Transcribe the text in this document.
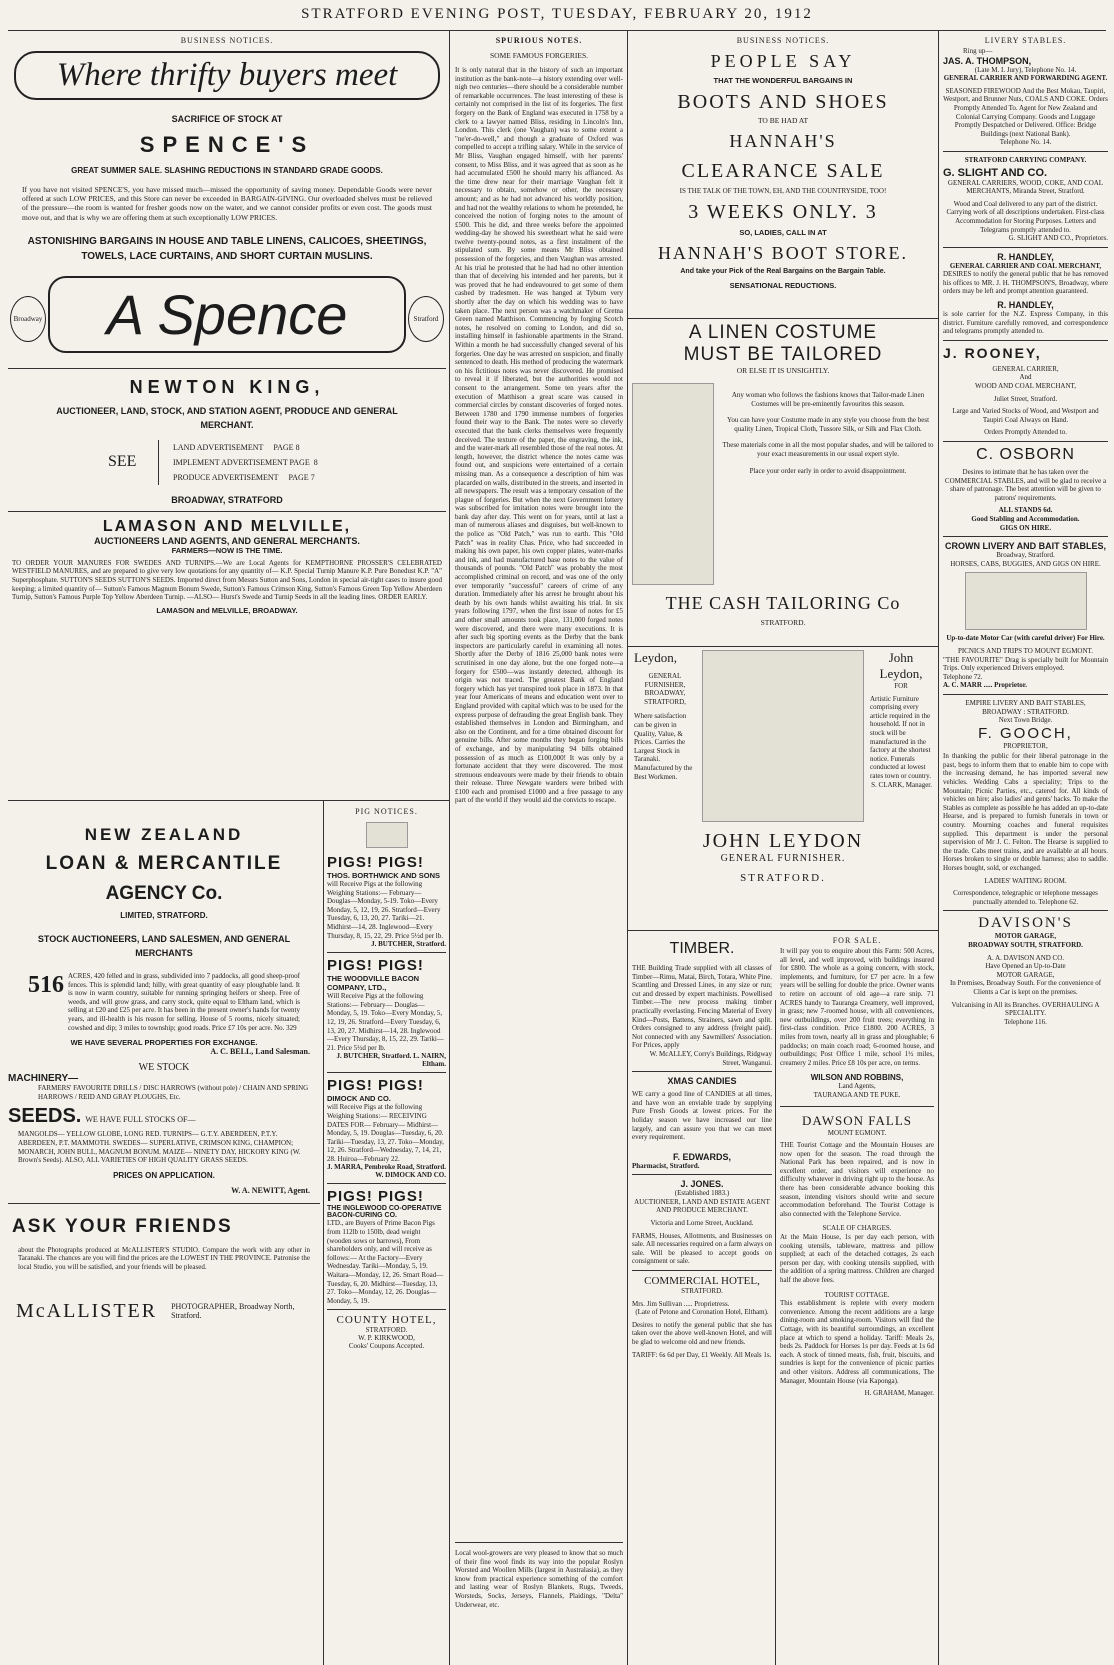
STRATFORD EVENING POST, TUESDAY, FEBRUARY 20, 1912
BUSINESS NOTICES.
Where thrifty buyers meet
SACRIFICE OF STOCK AT
SPENCE'S
GREAT SUMMER SALE. SLASHING REDUCTIONS IN STANDARD GRADE GOODS.
If you have not visited SPENCE'S, you have missed much—missed the opportunity of saving money. Dependable Goods were never offered at such LOW PRICES, and this Store can never be exceeded in BARGAIN-GIVING. Our overloaded shelves must be relieved of the pressure—the room is wanted for fresher goods now on the water, and we cannot consider profits or even cost. The goods must move out, and that is why we are offering them at such exceptionally LOW PRICES.
ASTONISHING BARGAINS IN HOUSE AND TABLE LINENS, CALICOES, SHEETINGS, TOWELS, LACE CURTAINS, AND SHORT CURTAIN MUSLINS.
A Spence
Broadway	Stratford
NEWTON KING,
AUCTIONEER, LAND, STOCK, AND STATION AGENT, PRODUCE AND GENERAL MERCHANT.
SEE
LAND ADVERTISEMENT PAGE 8
IMPLEMENT ADVERTISEMENT PAGE 8
PRODUCE ADVERTISEMENT PAGE 7
BROADWAY, STRATFORD
LAMASON AND MELVILLE,
AUCTIONEERS LAND AGENTS, AND GENERAL MERCHANTS.
FARMERS—NOW IS THE TIME.
TO ORDER YOUR MANURES FOR SWEDES AND TURNIPS.—We are Local Agents for KEMPTHORNE PROSSER'S CELEBRATED WESTFIELD MANURES, and are prepared to give very low quotations for any quantity of— K.P. Special Turnip Manure K.P. Pure Bonedust K.P. "A" Superphosphate. SUTTON'S SEEDS SUTTON'S SEEDS. Imported direct from Messrs Sutton and Sons, London in special air-tight cases to insure good keeping; a limited quantity of— Sutton's Famous Magnum Bonum Swede, Sutton's Famous Crimson King, Sutton's Famous Green Top Yellow Aberdeen Turnip, Sutton's Famous Purple Top Yellow Aberdeen Turnip. —ALSO— Hurst's Swede and Turnip Seeds in all the leading lines. ORDER EARLY.
LAMASON and MELVILLE, BROADWAY.
NEW ZEALAND
LOAN & MERCANTILE
AGENCY Co.
LIMITED, STRATFORD.
STOCK AUCTIONEERS, LAND SALESMEN, AND GENERAL MERCHANTS
516 ACRES, 420 felled and in grass, subdivided into 7 paddocks, all good sheep-proof fences. This is splendid land; hilly, with great quantity of easy ploughable land. It is now in warm country, suitable for running springing heifers or sheep. Free of weeds, and will grow grass, and carry stock, quite equal to Eltham land, which is selling at £20 and £25 per acre. It has been in the present owner's hands for twenty years, and ill-health is his reason for selling. House of 5 rooms, nicely situated; cowshed and dip; 3 miles to township; good roads. Price £7 10s per acre. No. 329
WE HAVE SEVERAL PROPERTIES FOR EXCHANGE.
A. C. BELL, Land Salesman.
WE STOCK
MACHINERY—
FARMERS' FAVOURITE DRILLS / DISC HARROWS (without pole) / CHAIN AND SPRING HARROWS / REID AND GRAY PLOUGHS, Etc.
SEEDS. WE HAVE FULL STOCKS OF—
MANGOLDS— YELLOW GLOBE, LONG RED. TURNIPS— G.T.Y. ABERDEEN, P.T.Y. ABERDEEN, P.T. MAMMOTH. SWEDES— SUPERLATIVE, CRIMSON KING, CHAMPION; MONARCH, JOHN BULL, MAGNUM BONUM. MAIZE— NINETY DAY, HICKORY KING (W. Brown's Seeds). ALSO, ALL VARIETIES OF HIGH QUALITY GRASS SEEDS.
PRICES ON APPLICATION.
W. A. NEWITT, Agent.
ASK YOUR FRIENDS
about the Photographs produced at McALLISTER'S STUDIO. Compare the work with any other in Taranaki. The chances are you will find the prices are the LOWEST IN THE PROVINCE. Patronise the local Studio, you will be satisfied, and your friends will be pleased.
McALLISTER PHOTOGRAPHER, Broadway North, Stratford.
PIG NOTICES.
PIGS! PIGS!
THOS. BORTHWICK AND SONS
will Receive Pigs at the following Weighing Stations:— February— Douglas—Monday, 5-19. Toko—Every Monday, 5, 12, 19, 26. Stratford—Every Tuesday, 6, 13, 20, 27. Tariki—21. Midhirst—14, 28. Inglewood—Every Thursday, 8, 15, 22, 29. Price 5½d per lb.
J. BUTCHER, Stratford.
PIGS! PIGS!
THE WOODVILLE BACON COMPANY, LTD.,
Will Receive Pigs at the following Stations:— February— Douglas—Monday, 5, 19. Toko—Every Monday, 5, 12, 19, 26. Stratford—Every Tuesday, 6, 13, 20, 27. Midhirst—14, 28. Inglewood—Every Thursday, 8, 15, 22, 29. Tariki—21. Price 5½d per lb.
J. BUTCHER, Stratford. L. NAIRN, Eltham.
PIGS! PIGS!
DIMOCK AND CO.
will Receive Pigs at the following Weighing Stations:— RECEIVING DATES FOR— February— Midhirst—Monday, 5, 19. Douglas—Tuesday, 6, 20. Tariki—Tuesday, 13, 27. Toko—Monday, 12, 26. Stratford—Wednesday, 7, 14, 21, 28. Huiroa—February 22.
J. MARRA, Pembroke Road, Stratford. W. DIMOCK AND CO.
PIGS! PIGS!
THE INGLEWOOD CO-OPERATIVE BACON-CURING CO.
LTD., are Buyers of Prime Bacon Pigs from 112lb to 150lb, dead weight (wooden sows or barrows), From shareholders only, and will receive as follows:— At the Factory—Every Wednesday. Tariki—Monday, 5, 19. Waitara—Monday, 12, 26. Smart Road—Tuesday, 6, 20. Midhirst—Tuesday, 13, 27. Toko—Monday, 12, 26. Douglas—Monday, 5, 19.
COUNTY HOTEL,
STRATFORD.
W. P. KIRKWOOD,
Cooks' Coupons Accepted.
SPURIOUS NOTES.
SOME FAMOUS FORGERIES.
It is only natural that in the history of such an important institution as the bank-note—a history extending over well-nigh two centuries—there should be a considerable number of remarkable occurrences. The least interesting of these is certainly not comprised in the list of its forgeries. The first forgery on the Bank of England was executed in 1758 by a clerk to a lawyer named Bliss, residing in Lincoln's Inn, London. This clerk (one Vaughan) was to some extent a "ne'er-do-well," and though a graduate of Oxford was compelled to accept a trifling salary. While in the service of Mr Bliss, Vaughan engaged himself, with her parents' consent, to Miss Bliss, and it was agreed that as soon as he had accumulated £500 he should marry his affianced. As the time drew near for their marriage Vaughan felt it necessary to obtain, somehow or other, the necessary amount; and as he had not advanced his worldly position, and had not the wealthy relations to whom he pretended, he conceived the notion of forging notes to the amount of £500. This he did, and three weeks before the appointed wedding-day he showed his sweetheart what he said were twelve twenty-pound notes, as a first instalment of the stipulated sum. By some means Mr Bliss obtained possession of the forgeries, and then Vaughan was arrested. At his trial he protested that he had had no other intention than that of deceiving his intended and her parents, but it was proved that he had endeavoured to get some of them cashed by tradesmen. He was hanged at Tyburn very shortly after the day on which his wedding was to have taken place. The next person was a watchmaker of Gretna Green named Matthison. Commencing by forging Scotch notes, he resolved on coming to London, and did so, installing himself in fashionable apartments in the Strand. Within a month he had successfully changed several of his forgeries. One day he was arrested on suspicion, and finally sentenced to death. His method of producing the watermark on his fictitious notes was never discovered. He promised to reveal it if liberated, but the authorities would not consent to the arrangement. Some ten years after the execution of Matthison a great scare was caused in commercial circles by constant discoveries of forged notes. Between 1780 and 1790 immense numbers of forgeries found their way to the Bank. The notes were so cleverly executed that the bank clerks themselves were frequently deceived. The texture of the paper, the engraving, the ink, and the water-mark all resembled those of the real notes. At length, however, the district whence the notes came was found out, and suspicions were entertained of a certain missing man. As a consequence a description of him was placarded on walls, distributed in the streets, and inserted in all newspapers. The result was a temporary cessation of the plague of forgeries. But when the next Government lottery was subscribed for imitation notes were brought into the bank day after day. This went on for years, until at last a man of numerous aliases and disguises, but well-known to the police as "Old Patch," was run to earth. This "Old Patch" was in reality Chas. Price, who had succeeded in making his own paper, his own copper plates, water-marks and ink, and had manufactured base notes to the value of thousands of pounds. "Old Patch" was probably the most accomplished criminal on record, and was one of the only ever temporarily "successful" careers of crime of any duration. Immediately after his arrest he brought about his death by his own hands whilst awaiting his trial. In six years following 1797, when the first issue of notes for £5 and other small amounts took place, 131,000 forged notes were discovered, and there were many executions. It is after such big sporting events as the Derby that the bank inspectors are particularly careful in examining all notes. Shortly after the Derby of 1816 25,000 bank notes were scrutinised in one day alone, but the one forged note—a forgery for £500—was instantly detected, although its origin was not traced. The greatest Bank of England forgery which has yet transpired took place in 1873. In that year four Americans of means and education went over to England provided with capital which was to be used for the express purpose of defrauding the great English bank. They established themselves in London and Birmingham, and also on the Continent, and for a time obtained discount for genuine bills. After some months they began forging bills of exchange, and by manipulating 94 bills obtained possession of as much as £100,000! It was only by a fortunate accident that they were discovered. The most strenuous endeavours were made by their friends to obtain their release. Three Newgate warders were bribed with £100 each and promised £1000 and a free passage to any part of the world if they would aid the convicts to escape.
Local wool-growers are very pleased to know that so much of their fine wool finds its way into the popular Roslyn Worsted and Woollen Mills (largest in Australasia), as they know from practical experience something of the comfort and lasting wear of Roslyn Blankets, Rugs, Tweeds, Worsteds, Socks, Jerseys, Flannels, Plaidings, "Delta" Underwear, etc.
BUSINESS NOTICES.
PEOPLE SAY
THAT THE WONDERFUL BARGAINS IN
BOOTS AND SHOES
TO BE HAD AT
HANNAH'S
CLEARANCE SALE
IS THE TALK OF THE TOWN, EH, AND THE COUNTRYSIDE, TOO!
3 WEEKS ONLY. 3
SO, LADIES, CALL IN AT
HANNAH'S BOOT STORE.
And take your Pick of the Real Bargains on the Bargain Table.
SENSATIONAL REDUCTIONS.
A LINEN COSTUME
MUST BE TAILORED
OR ELSE IT IS UNSIGHTLY.
Any woman who follows the fashions knows that Tailor-made Linen Costumes will be pre-eminently favourites this season.
You can have your Costume made in any style you choose from the best quality Linen, Tropical Cloth, Tussore Silk, or Silk and Flax Cloth.
These materials come in all the most popular shades, and will be tailored to your exact measurements in our usual expert style.
Place your order early in order to avoid disappointment.
THE CASH TAILORING Co
STRATFORD.
Leydon,
GENERAL FURNISHER, BROADWAY, STRATFORD,
Where satisfaction can be given in Quality, Value, & Prices. Carries the Largest Stock in Taranaki. Manufactured by the Best Workmen.
John
Leydon,
FOR
Artistic Furniture comprising every article required in the household. If not in stock will be manufactured in the factory at the shortest notice. Funerals conducted at lowest rates town or country.
S. CLARK, Manager.
JOHN LEYDON
GENERAL FURNISHER.
STRATFORD.
TIMBER.
THE Building Trade supplied with all classes of Timber—Rimu, Matai, Birch, Totara, White Pine. Scantling and Dressed Lines, in any size or run; cut and dressed by expert machinists. Powellised Timber.—The new process making timber practically everlasting. Fencing Material of Every Kind—Posts, Battens, Strainers, sawn and split. Orders consigned to any address (freight paid). Not connected with any Sawmillers' Association. For Prices, apply
W. McALLEY, Corry's Buildings, Ridgway Street, Wanganui.
XMAS CANDIES
WE carry a good line of CANDIES at all times, and have won an enviable trade by supplying Pure Fresh Goods at lowest prices. For the holiday season we have increased our line largely, and can assure you that we can meet every requirement.
F. EDWARDS,
Pharmacist, Stratford.
J. JONES.
(Established 1883.)
AUCTIONEER, LAND AND ESTATE AGENT AND PRODUCE MERCHANT.
Victoria and Lorne Street, Auckland.
FARMS, Houses, Allotments, and Businesses on sale. All necessaries required on a farm always on sale. Will be pleased to accept goods on consignment or sale.
COMMERCIAL HOTEL,
STRATFORD.
Mrs. Jim Sullivan ..... Proprietress.
(Late of Petone and Coronation Hotel, Eltham).
Desires to notify the general public that she has taken over the above well-known Hotel, and will be glad to welcome old and new friends.
TARIFF: 6s 6d per Day, £1 Weekly. All Meals 1s.
FOR SALE.
It will pay you to enquire about this Farm: 500 Acres, all level, and well improved, with buildings insured for £800. The whole as a going concern, with stock, implements, and furniture, for £7 per acre. In a few years will be selling for double the price. Owner wants to retire on account of old age—a rare snip. 71 ACRES handy to Tauranga Creamery, well improved, in grass; new 7-roomed house, with all conveniences, new outbuildings, over 200 fruit trees; everything in first-class condition. Price £1800. 200 ACRES, 3 miles from town, nearly all in grass and ploughable; 6 paddocks; on main coach road; 6-roomed house, and outbuildings; Post Office 1 mile, school 1½ miles, creamery 2 miles. Price £8 10s per acre, on terms.
WILSON AND ROBBINS,
Land Agents,
TAURANGA AND TE PUKE.
DAWSON FALLS
MOUNT EGMONT.
THE Tourist Cottage and the Mountain Houses are now open for the season. The road through the National Park has been repaired, and is now in excellent order, and visitors will experience no difficulty whatever in driving right up to the house. As there has been considerable advance booking this season, intending visitors should write and secure accommodation beforehand. The Tourist Cottage is also connected with the Telephone Service.
SCALE OF CHARGES.
At the Main House, 1s per day each person, with cooking utensils, tableware, mattress and pillow supplied; at each of the detached cottages, 2s each person per day, with cooking utensils supplied, with the addition of a spring mattress. Children are charged half the above fees.
TOURIST COTTAGE.
This establishment is replete with every modern convenience. Among the recent additions are a large dining-room and smoking-room. Visitors will find the Cottage, with its beautiful surroundings, an excellent place at which to spend a holiday. Tariff: Meals 2s, beds 2s. Paddock for Horses 1s per day. Feeds at 1s 6d each. A stock of tinned meats, fish, fruit, biscuits, and sundries is kept for the convenience of picnic parties and other visitors. Address all communications, The Manager, Mountain House (via Kaponga).
H. GRAHAM, Manager.
LIVERY STABLES.
Ring up—
JAS. A. THOMPSON,
(Late M. I. Jury), Telephone No. 14.
GENERAL CARRIER AND FORWARDING AGENT.
SEASONED FIREWOOD And the Best Mokau, Taupiri, Westport, and Brunner Nuts, COALS AND COKE. Orders Promptly Attended To. Agent for New Zealand and Colonial Carrying Company. Goods and Luggage Promptly Despatched or Delivered. Office: Bridge Buildings (next National Bank).
Telephone No. 14.
STRATFORD CARRYING COMPANY.
G. SLIGHT AND CO.
GENERAL CARRIERS, WOOD, COKE, AND COAL MERCHANTS, Miranda Street, Stratford.
Wood and Coal delivered to any part of the district. Carrying work of all descriptions undertaken. First-class Accommodation for Storing Purposes. Letters and Telegrams promptly attended to.
G. SLIGHT AND CO., Proprietors.
R. HANDLEY,
GENERAL CARRIER AND COAL MERCHANT,
DESIRES to notify the general public that he has removed his offices to MR. J. H. THOMPSON'S, Broadway, where orders may be left and prompt attention guaranteed.
R. HANDLEY,
is sole carrier for the N.Z. Express Company, in this district. Furniture carefully removed, and correspondence and telegrams promptly attended to.
J. ROONEY,
GENERAL CARRIER,
And
WOOD AND COAL MERCHANT,
Juliet Street, Stratford.
Large and Varied Stocks of Wood, and Westport and Taupiri Coal Always on Hand.
Orders Promptly Attended to.
C. OSBORN
Desires to intimate that he has taken over the COMMERCIAL STABLES, and will be glad to receive a share of patronage. The best attention will be given to patrons' requirements.
ALL STANDS 6d.
Good Stabling and Accommodation.
GIGS ON HIRE.
CROWN LIVERY AND BAIT STABLES,
Broadway, Stratford.
HORSES, CABS, BUGGIES, AND GIGS ON HIRE.
Up-to-date Motor Car (with careful driver) For Hire.
PICNICS AND TRIPS TO MOUNT EGMONT.
"THE FAVOURITE" Drag is specially built for Mountain Trips. Only experienced Drivers employed.
Telephone 72.
A. C. MARR ..... Proprietor.
EMPIRE LIVERY AND BAIT STABLES,
BROADWAY : STRATFORD.
Next Town Bridge.
F. GOOCH,
PROPRIETOR,
In thanking the public for their liberal patronage in the past, begs to inform them that to enable him to cope with the increasing demand, he has imported several new vehicles. Wedding Cabs a speciality; Trips to the Mountain; Picnic Parties, etc., catered for. All kinds of vehicles on hire; also ladies' and gents' hacks. To make the Stables as complete as possible he has added an up-to-date Hearse, and is prepared to furnish funerals in town or country. Mourning coaches and funeral requisites supplied. This department is under the personal supervision of Mr J. C. Felton. The Hearse is supplied to the trade. Cabs meet trains, and are available at all hours. Horses broken to single or double harness; also to saddle. Horses bought, sold, or exchanged.
LADIES' WAITING ROOM.
Correspondence, telegraphic or telephone messages punctually attended to. Telephone 62.
DAVISON'S
MOTOR GARAGE,
BROADWAY SOUTH, STRATFORD.
A. A. DAVISON AND CO.
Have Opened an Up-to-Date
MOTOR GARAGE,
In Premises, Broadway South. For the convenience of Clients a Car is kept on the premises.
Vulcanising in All its Branches. OVERHAULING A SPECIALITY.
Telephone 116.
